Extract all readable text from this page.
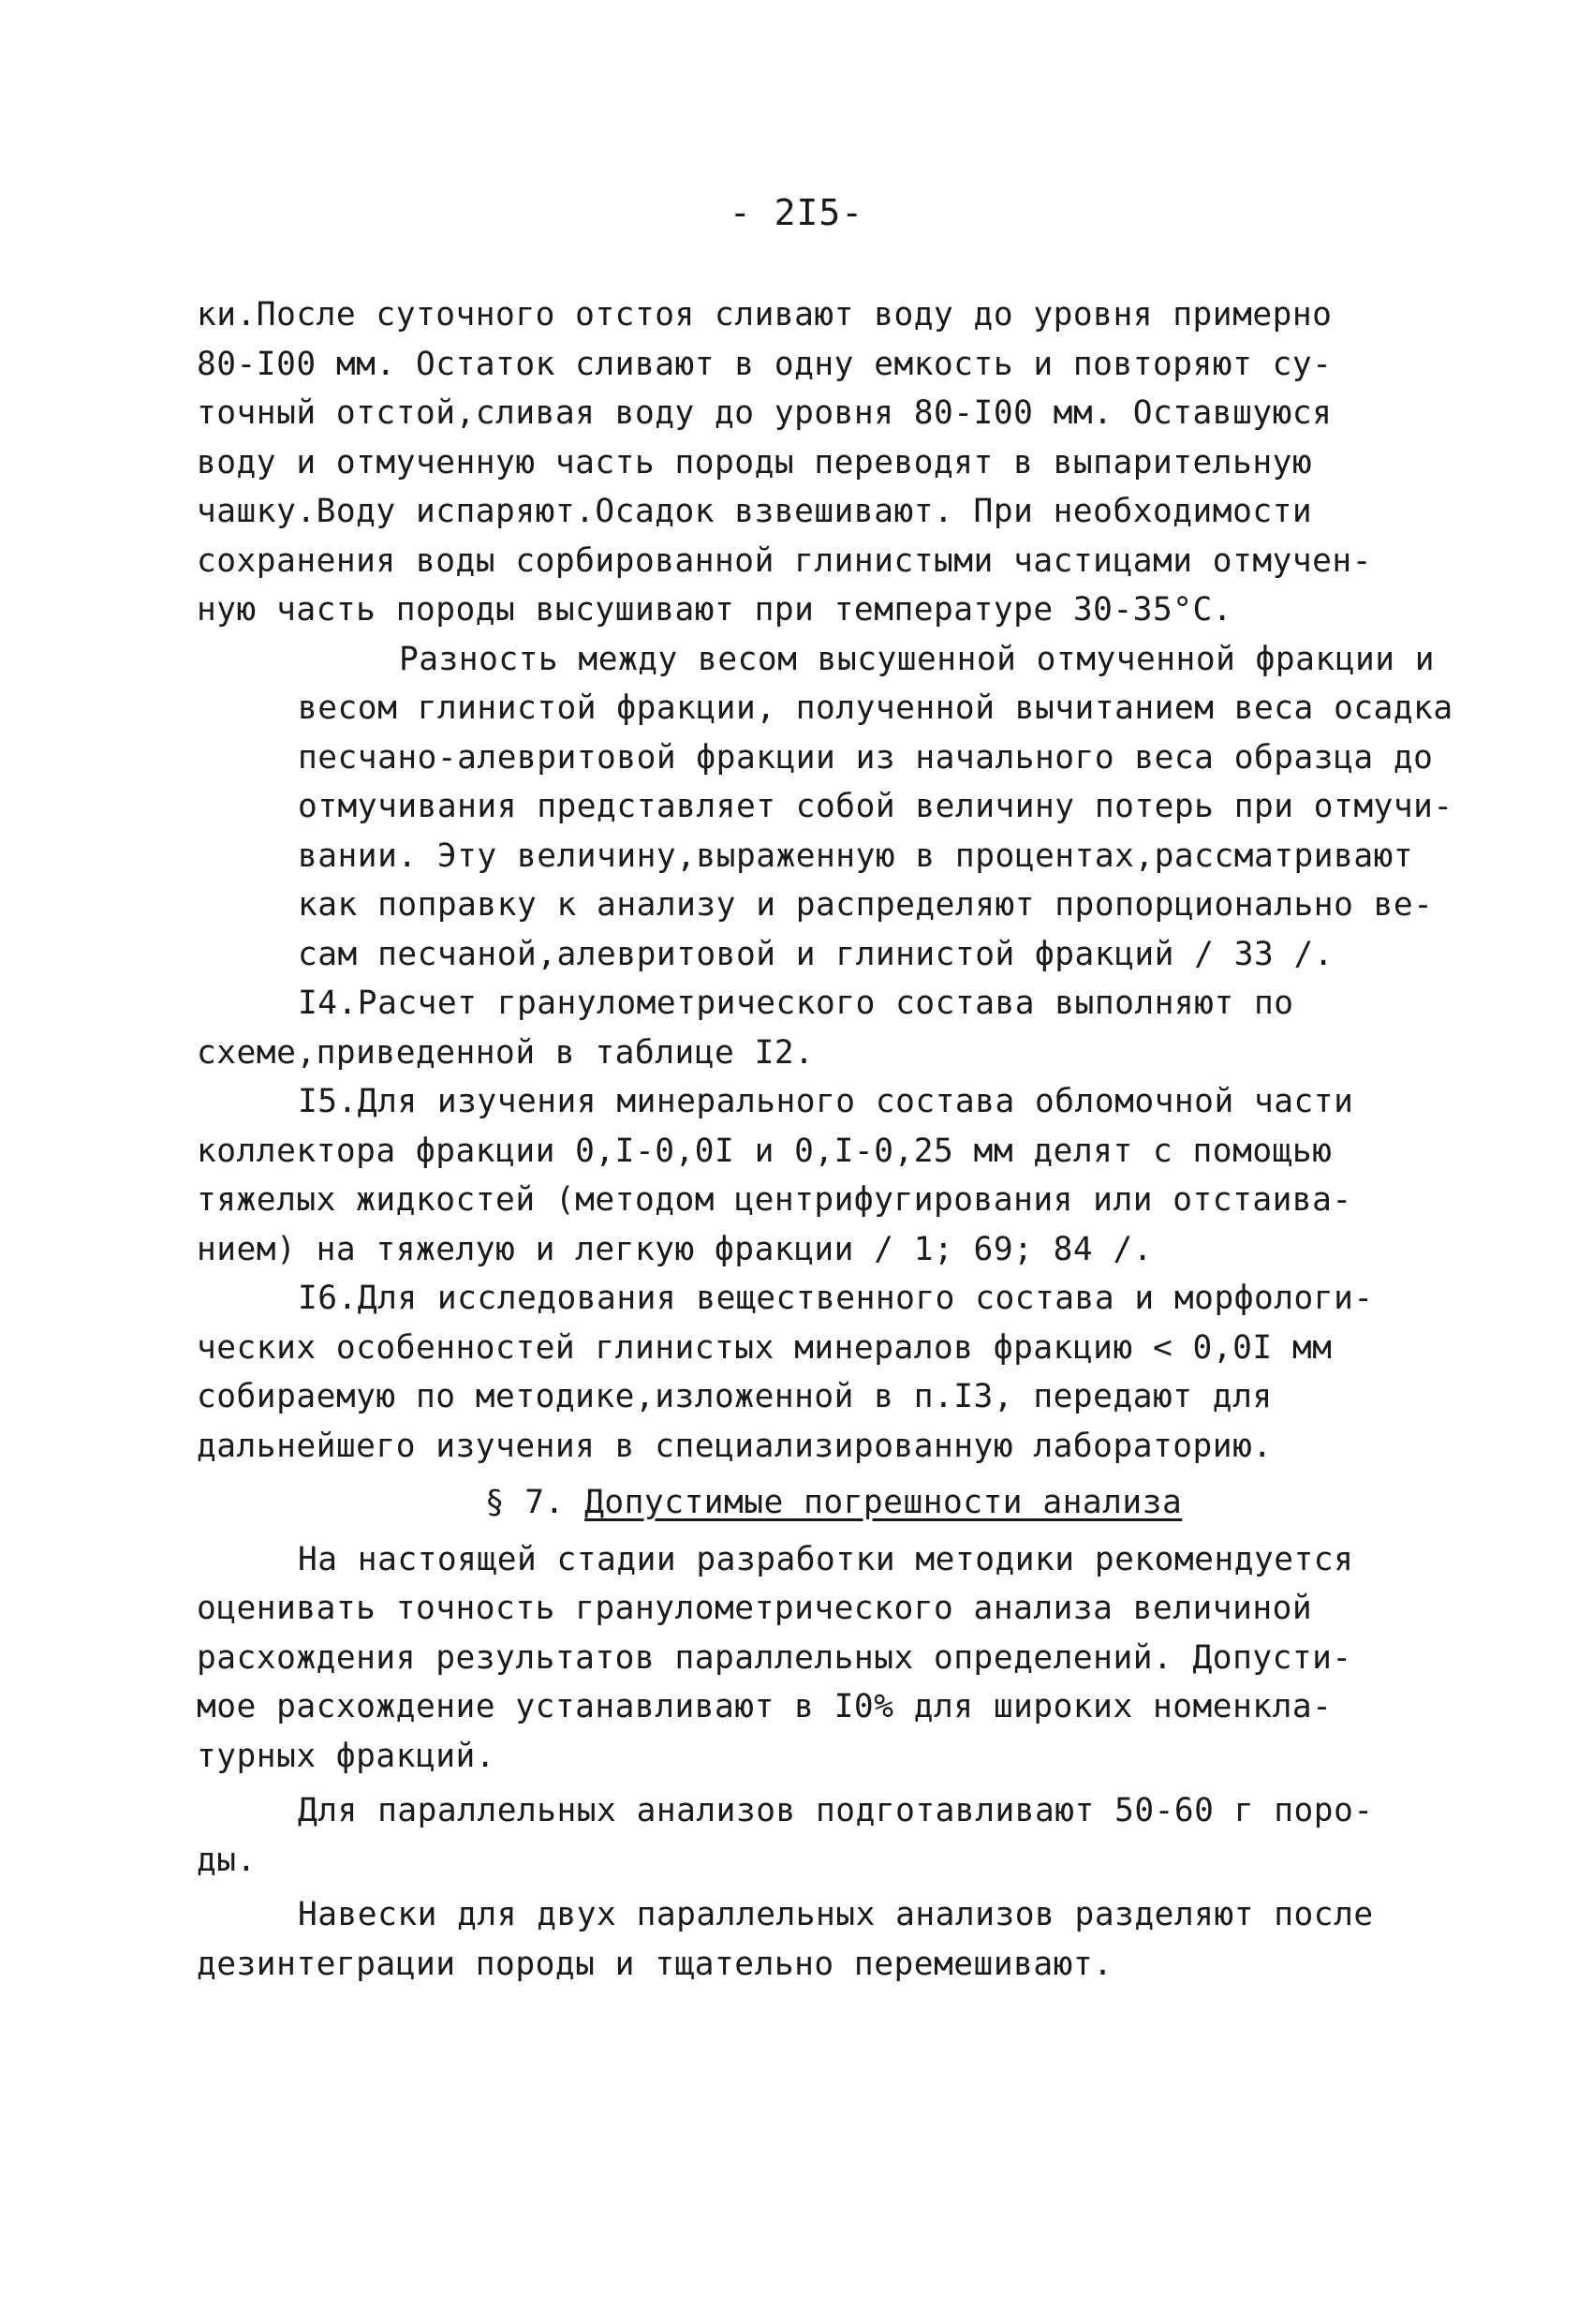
- 2I5-
ки.После суточного отстоя сливают воду до уровня примерно
80-I00 мм. Остаток сливают в одну емкость и повторяют су-
точный отстой,сливая воду до уровня 80-I00 мм. Оставшуюся
воду и отмученную часть породы переводят в выпарительную
чашку.Воду испаряют.Осадок взвешивают. При необходимости
сохранения воды сорбированной глинистыми частицами отмучен-
ную часть породы высушивают при температуре 30-35°С.
Разность между весом высушенной отмученной фракции и
весом глинистой фракции, полученной вычитанием веса осадка
песчано-алевритовой фракции из начального веса образца до
отмучивания представляет собой величину потерь при отмучи-
вании. Эту величину,выраженную в процентах,рассматривают
как поправку к анализу и распределяют пропорционально ве-
сам песчаной,алевритовой и глинистой фракций / 33 /.
I4.Расчет гранулометрического состава выполняют по
схеме,приведенной в таблице I2.
I5.Для изучения минерального состава обломочной части
коллектора фракции 0,I-0,0I и 0,I-0,25 мм делят с помощью
тяжелых жидкостей (методом центрифугирования или отстаива-
нием) на тяжелую и легкую фракции / 1; 69; 84 /.
I6.Для исследования вещественного состава и морфологи-
ческих особенностей глинистых минералов фракцию < 0,0I мм
собираемую по методике,изложенной в п.I3, передают для
дальнейшего изучения в специализированную лабораторию.
§ 7. Допустимые погрешности анализа
На настоящей стадии разработки методики рекомендуется
оценивать точность гранулометрического анализа величиной
расхождения результатов параллельных определений. Допусти-
мое расхождение устанавливают в I0% для широких номенкла-
турных фракций.
Для параллельных анализов подготавливают 50-60 г поро-
ды.
Навески для двух параллельных анализов разделяют после
дезинтеграции породы и тщательно перемешивают.
